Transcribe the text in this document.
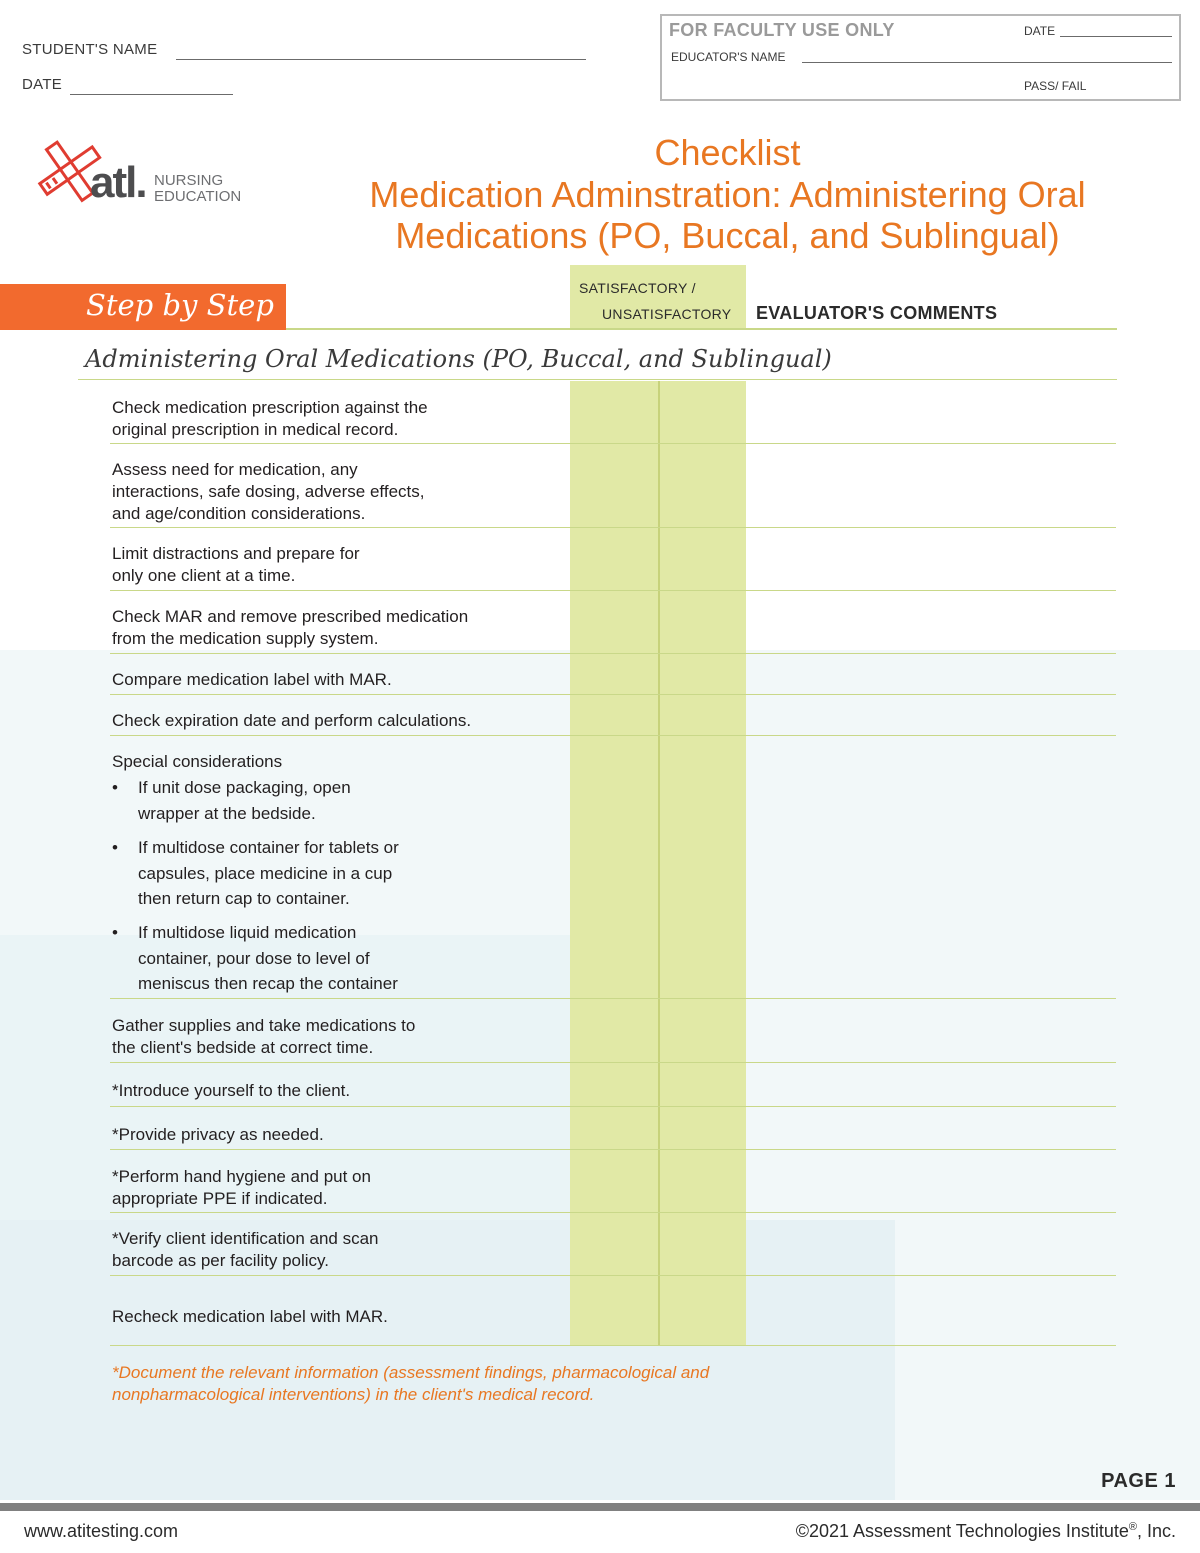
STUDENT'S NAME
DATE
FOR FACULTY USE ONLY	DATE
EDUCATOR'S NAME
PASS/ FAIL
atl. NURSING
EDUCATION
Checklist
Medication Adminstration: Administering Oral
Medications (PO, Buccal, and Sublingual)
Step by Step	SATISFACTORY /
UNSATISFACTORY EVALUATOR'S COMMENTS
Administering Oral Medications (PO, Buccal, and Sublingual)
Check medication prescription against the
original prescription in medical record.
Assess need for medication, any
interactions, safe dosing, adverse effects,
and age/condition considerations.
Limit distractions and prepare for
only one client at a time.
Check MAR and remove prescribed medication
from the medication supply system.
Compare medication label with MAR.
Check expiration date and perform calculations.
Special considerations

• If unit dose packaging, open
wrapper at the bedside.

• If multidose container for tablets or
capsules, place medicine in a cup
then return cap to container.

• If multidose liquid medication
container, pour dose to level of
meniscus then recap the container

Gather supplies and take medications to
the client's bedside at correct time.
*Introduce yourself to the client.
*Provide privacy as needed.
*Perform hand hygiene and put on
appropriate PPE if indicated.
*Verify client identification and scan
barcode as per facility policy.
Recheck medication label with MAR.
*Document the relevant information (assessment findings, pharmacological and
nonpharmacological interventions) in the client's medical record.
PAGE 1
www.atitesting.com	©2021 Assessment Technologies Institute®, Inc.
